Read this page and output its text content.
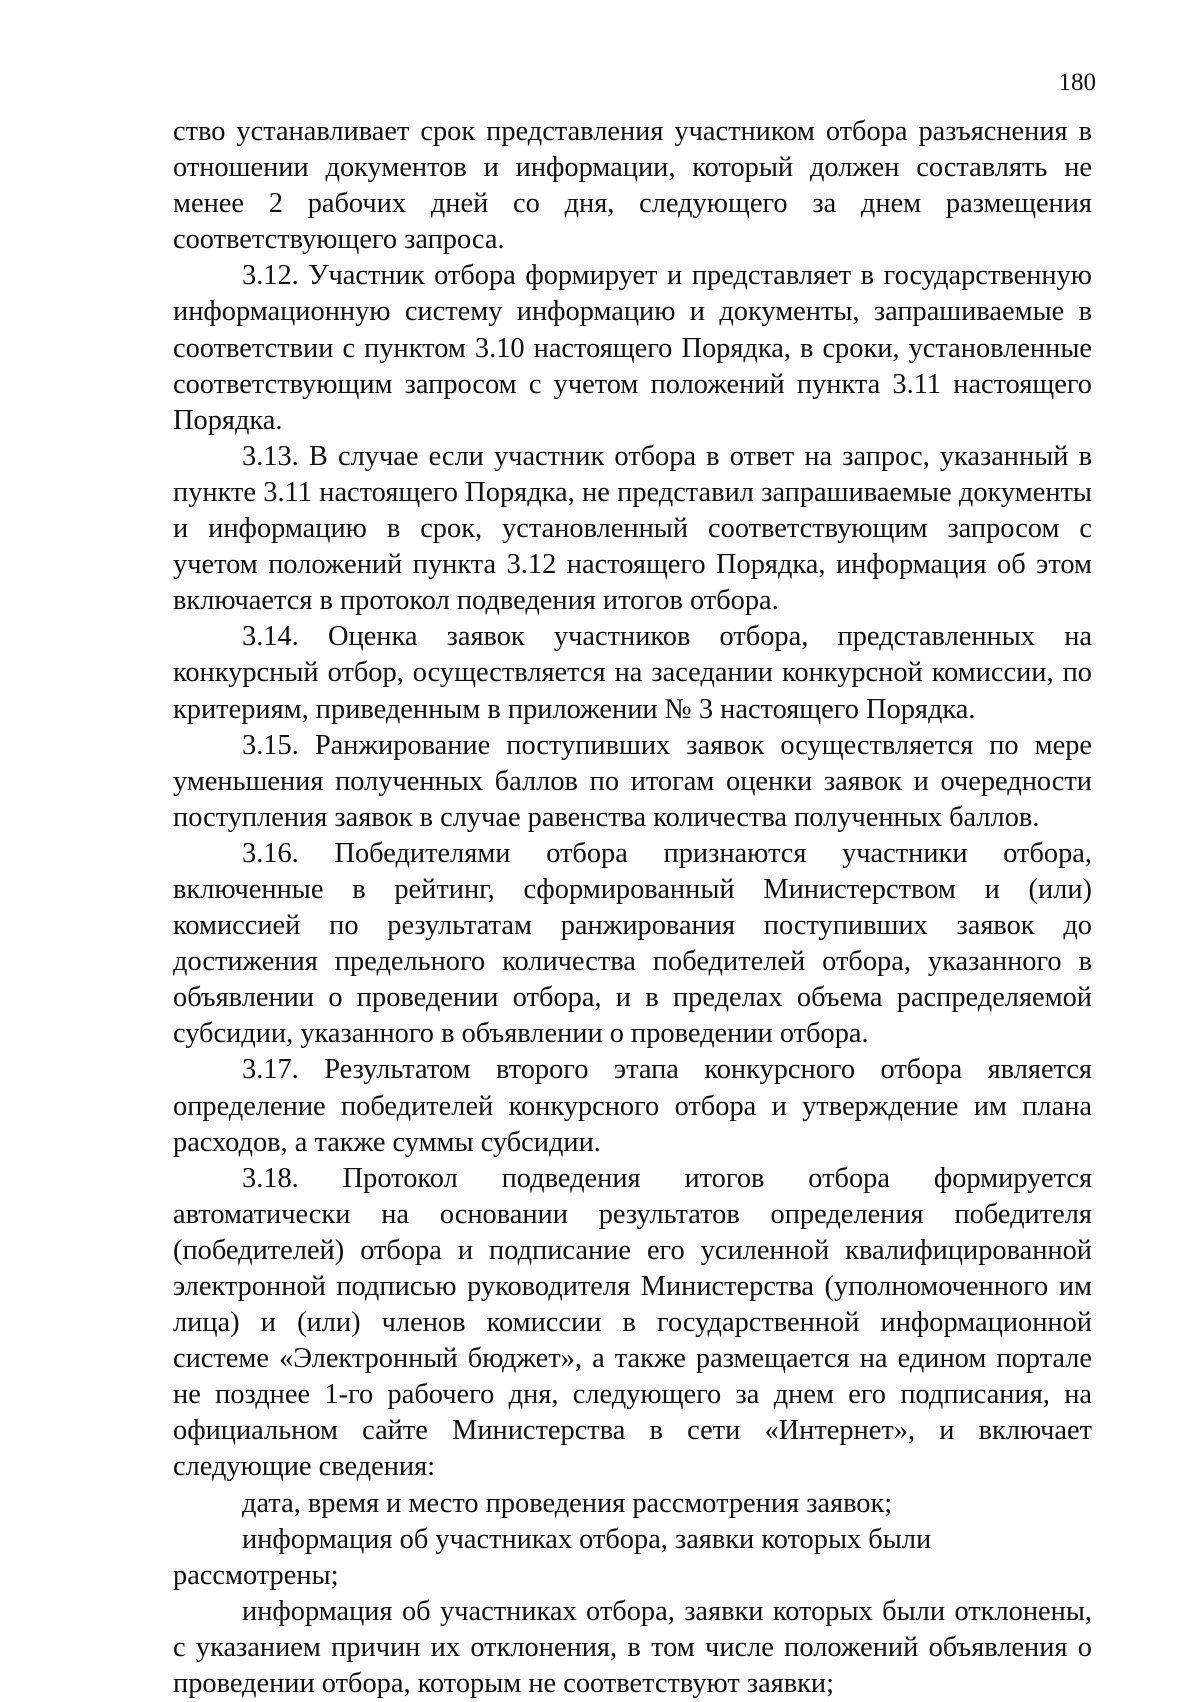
180

ство устанавливает срок представления участником отбора разъяснения в отношении документов и информации, который должен составлять не менее 2 рабочих дней со дня, следующего за днем размещения соответствующего запроса.

3.12. Участник отбора формирует и представляет в государственную информационную систему информацию и документы, запрашиваемые в соответствии с пунктом 3.10 настоящего Порядка, в сроки, установленные соответствующим запросом с учетом положений пункта 3.11 настоящего Порядка.

3.13. В случае если участник отбора в ответ на запрос, указанный в пункте 3.11 настоящего Порядка, не представил запрашиваемые документы и информацию в срок, установленный соответствующим запросом с учетом положений пункта 3.12 настоящего Порядка, информация об этом включается в протокол подведения итогов отбора.

3.14. Оценка заявок участников отбора, представленных на конкурсный отбор, осуществляется на заседании конкурсной комиссии, по критериям, приведенным в приложении № 3 настоящего Порядка.

3.15. Ранжирование поступивших заявок осуществляется по мере уменьшения полученных баллов по итогам оценки заявок и очередности поступления заявок в случае равенства количества полученных баллов.

3.16. Победителями отбора признаются участники отбора, включенные в рейтинг, сформированный Министерством и (или) комиссией по результатам ранжирования поступивших заявок до достижения предельного количества победителей отбора, указанного в объявлении о проведении отбора, и в пределах объема распределяемой субсидии, указанного в объявлении о проведении отбора.

3.17. Результатом второго этапа конкурсного отбора является определение победителей конкурсного отбора и утверждение им плана расходов, а также суммы субсидии.

3.18. Протокол подведения итогов отбора формируется автоматически на основании результатов определения победителя (победителей) отбора и подписание его усиленной квалифицированной электронной подписью руководителя Министерства (уполномоченного им лица) и (или) членов комиссии в государственной информационной системе «Электронный бюджет», а также размещается на едином портале не позднее 1-го рабочего дня, следующего за днем его подписания, на официальном сайте Министерства в сети «Интернет», и включает следующие сведения:

дата, время и место проведения рассмотрения заявок;

информация об участниках отбора, заявки которых были рассмотрены;

информация об участниках отбора, заявки которых были отклонены, с указанием причин их отклонения, в том числе положений объявления о проведении отбора, которым не соответствуют заявки;
